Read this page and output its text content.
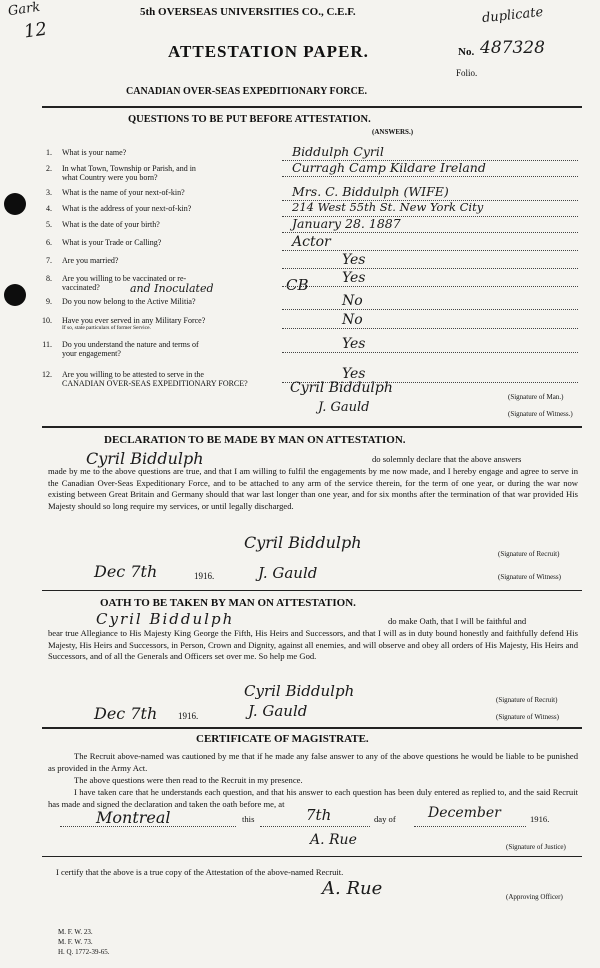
Gark
12
duplicate
5th OVERSEAS UNIVERSITIES CO., C.E.F.
ATTESTATION PAPER.	No. 487328
Folio.
CANADIAN OVER-SEAS EXPEDITIONARY FORCE.
QUESTIONS TO BE PUT BEFORE ATTESTATION.
(ANSWERS.)
1. What is your name?	Biddulph Cyril
2. In what Town, Township or Parish, and in
what Country were you born?
Curragh Camp Kildare Ireland
3. What is the name of your next-of-kin?	Mrs. C. Biddulph (WIFE)
4. What is the address of your next-of-kin?	214 West 55th St. New York City
5. What is the date of your birth?	January 28. 1887
6. What is your Trade or Calling?	Actor
7. Are you married?	Yes
8. Are you willing to be vaccinated or re-
vaccinated?	and Inoculated	CB Yes
9. Do you now belong to the Active Militia?	No
10. Have you ever served in any Military Force?
If so, state particulars of former Service.	No
11. Do you understand the nature and terms of
your engagement?
Yes
12. Are you willing to be attested to serve in the
CANADIAN OVER-SEAS EXPEDITIONARY FORCE?
Yes
Cyril Biddulph
(Signature of Man.)
J. Gauld	(Signature of Witness.)
DECLARATION TO BE MADE BY MAN ON ATTESTATION.
Cyril Biddulph	do solemnly declare that the above answers
made by me to the above questions are true, and that I am willing to fulfil the engagements by me now made, and I hereby engage and agree to serve in the Canadian Over-Seas Expeditionary Force, and to be attached to any arm of the service therein, for the term of one year, or during the war now existing between Great Britain and Germany should that war last longer than one year, and for six months after the termination of that war provided His Majesty should so long require my services, or until legally discharged.
Cyril Biddulph
(Signature of Recruit)
Dec 7th	1916.	J. Gauld	(Signature of Witness)
OATH TO BE TAKEN BY MAN ON ATTESTATION.
Cyril Biddulph	do make Oath, that I will be faithful and
bear true Allegiance to His Majesty King George the Fifth, His Heirs and Successors, and that I will as in duty bound honestly and faithfully defend His Majesty, His Heirs and Successors, in Person, Crown and Dignity, against all enemies, and will observe and obey all orders of His Majesty, His Heirs and Successors, and of all the Generals and Officers set over me. So help me God.
Cyril Biddulph	(Signature of Recruit)
Dec 7th 1916.	J. Gauld	(Signature of Witness)
CERTIFICATE OF MAGISTRATE.
The Recruit above-named was cautioned by me that if he made any false answer to any of the above questions he would be liable to be punished as provided in the Army Act.
The above questions were then read to the Recruit in my presence.
I have taken care that he understands each question, and that his answer to each question has been duly entered as replied to, and the said Recruit has made and signed the declaration and taken the oath before me, at
Montreal	this	7th	day of December	1916.
A. Rue	(Signature of Justice)
I certify that the above is a true copy of the Attestation of the above-named Recruit.
A. Rue	(Approving Officer)
M. F. W. 23.
M. F. W. 73.
H. Q. 1772-39-65.
